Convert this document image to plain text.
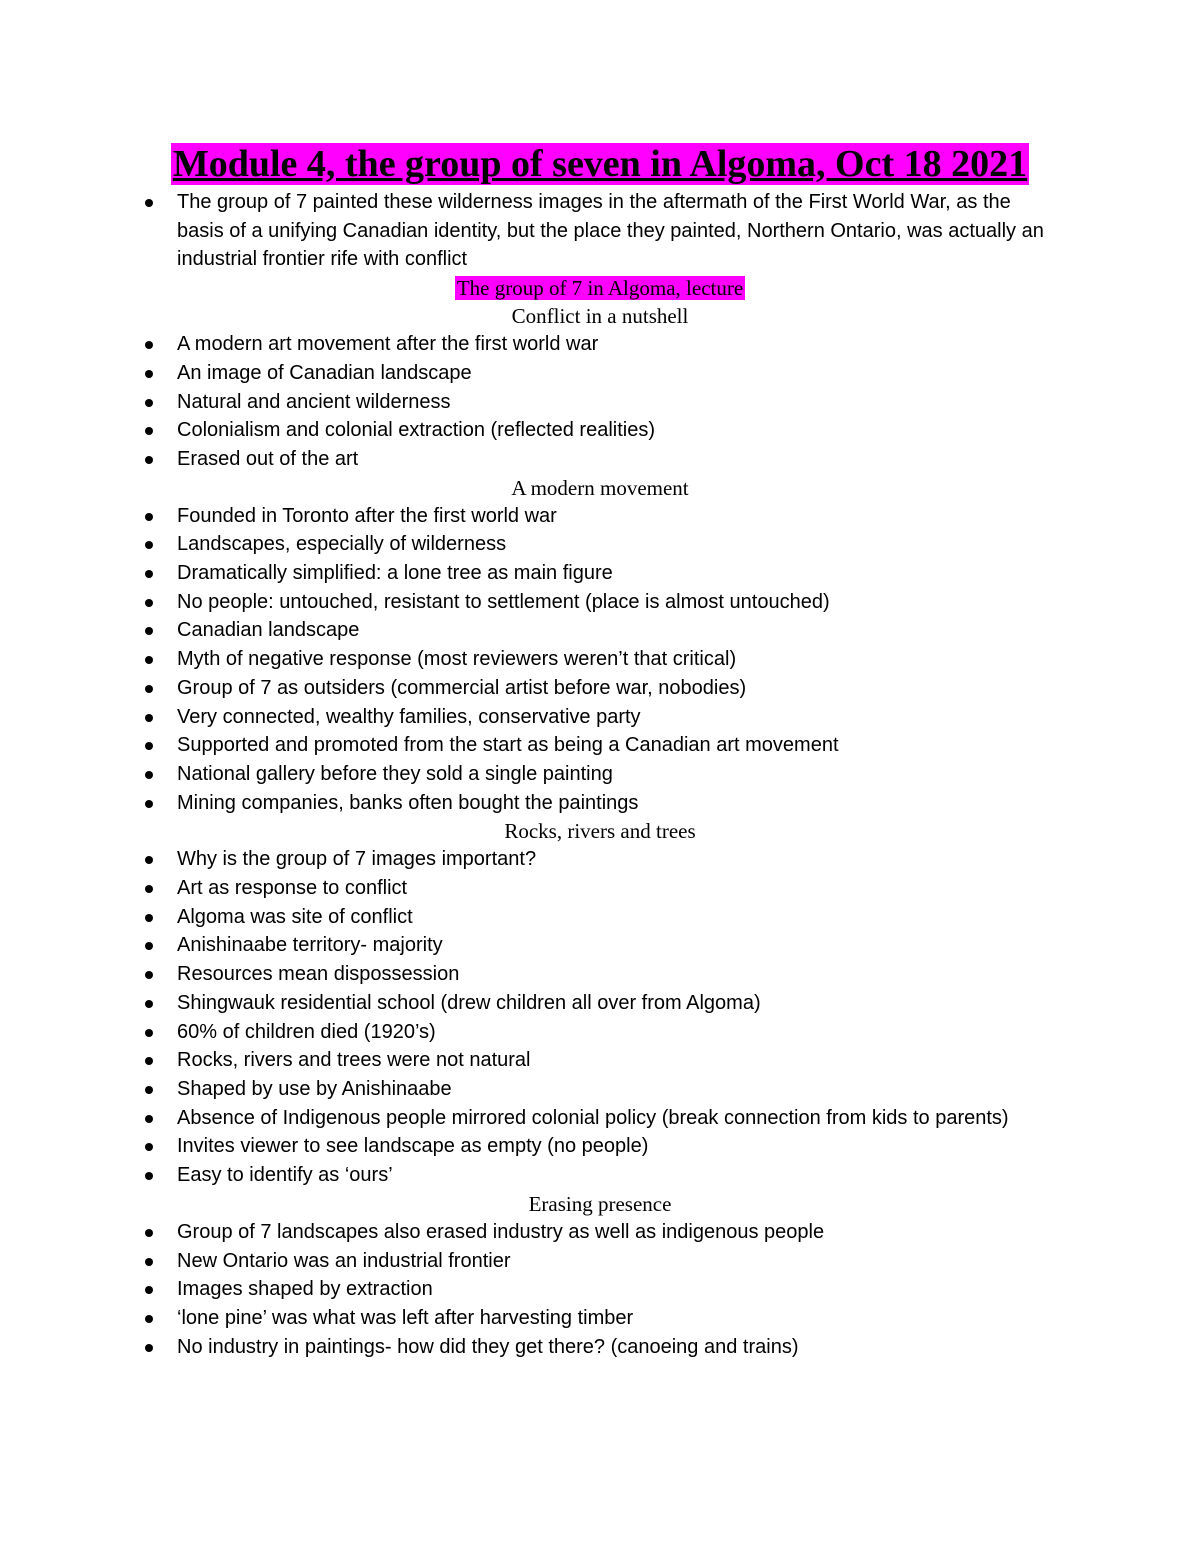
Module 4, the group of seven in Algoma, Oct 18 2021
The group of 7 painted these wilderness images in the aftermath of the First World War, as the basis of a unifying Canadian identity, but the place they painted, Northern Ontario, was actually an industrial frontier rife with conflict
The group of 7 in Algoma, lecture
Conflict in a nutshell
A modern art movement after the first world war
An image of Canadian landscape
Natural and ancient wilderness
Colonialism and colonial extraction (reflected realities)
Erased out of the art
A modern movement
Founded in Toronto after the first world war
Landscapes, especially of wilderness
Dramatically simplified: a lone tree as main figure
No people: untouched, resistant to settlement (place is almost untouched)
Canadian landscape
Myth of negative response (most reviewers weren’t that critical)
Group of 7 as outsiders (commercial artist before war, nobodies)
Very connected, wealthy families, conservative party
Supported and promoted from the start as being a Canadian art movement
National gallery before they sold a single painting
Mining companies, banks often bought the paintings
Rocks, rivers and trees
Why is the group of 7 images important?
Art as response to conflict
Algoma was site of conflict
Anishinaabe territory- majority
Resources mean dispossession
Shingwauk residential school (drew children all over from Algoma)
60% of children died (1920’s)
Rocks, rivers and trees were not natural
Shaped by use by Anishinaabe
Absence of Indigenous people mirrored colonial policy (break connection from kids to parents)
Invites viewer to see landscape as empty (no people)
Easy to identify as ‘ours’
Erasing presence
Group of 7 landscapes also erased industry as well as indigenous people
New Ontario was an industrial frontier
Images shaped by extraction
‘lone pine’ was what was left after harvesting timber
No industry in paintings- how did they get there? (canoeing and trains)
